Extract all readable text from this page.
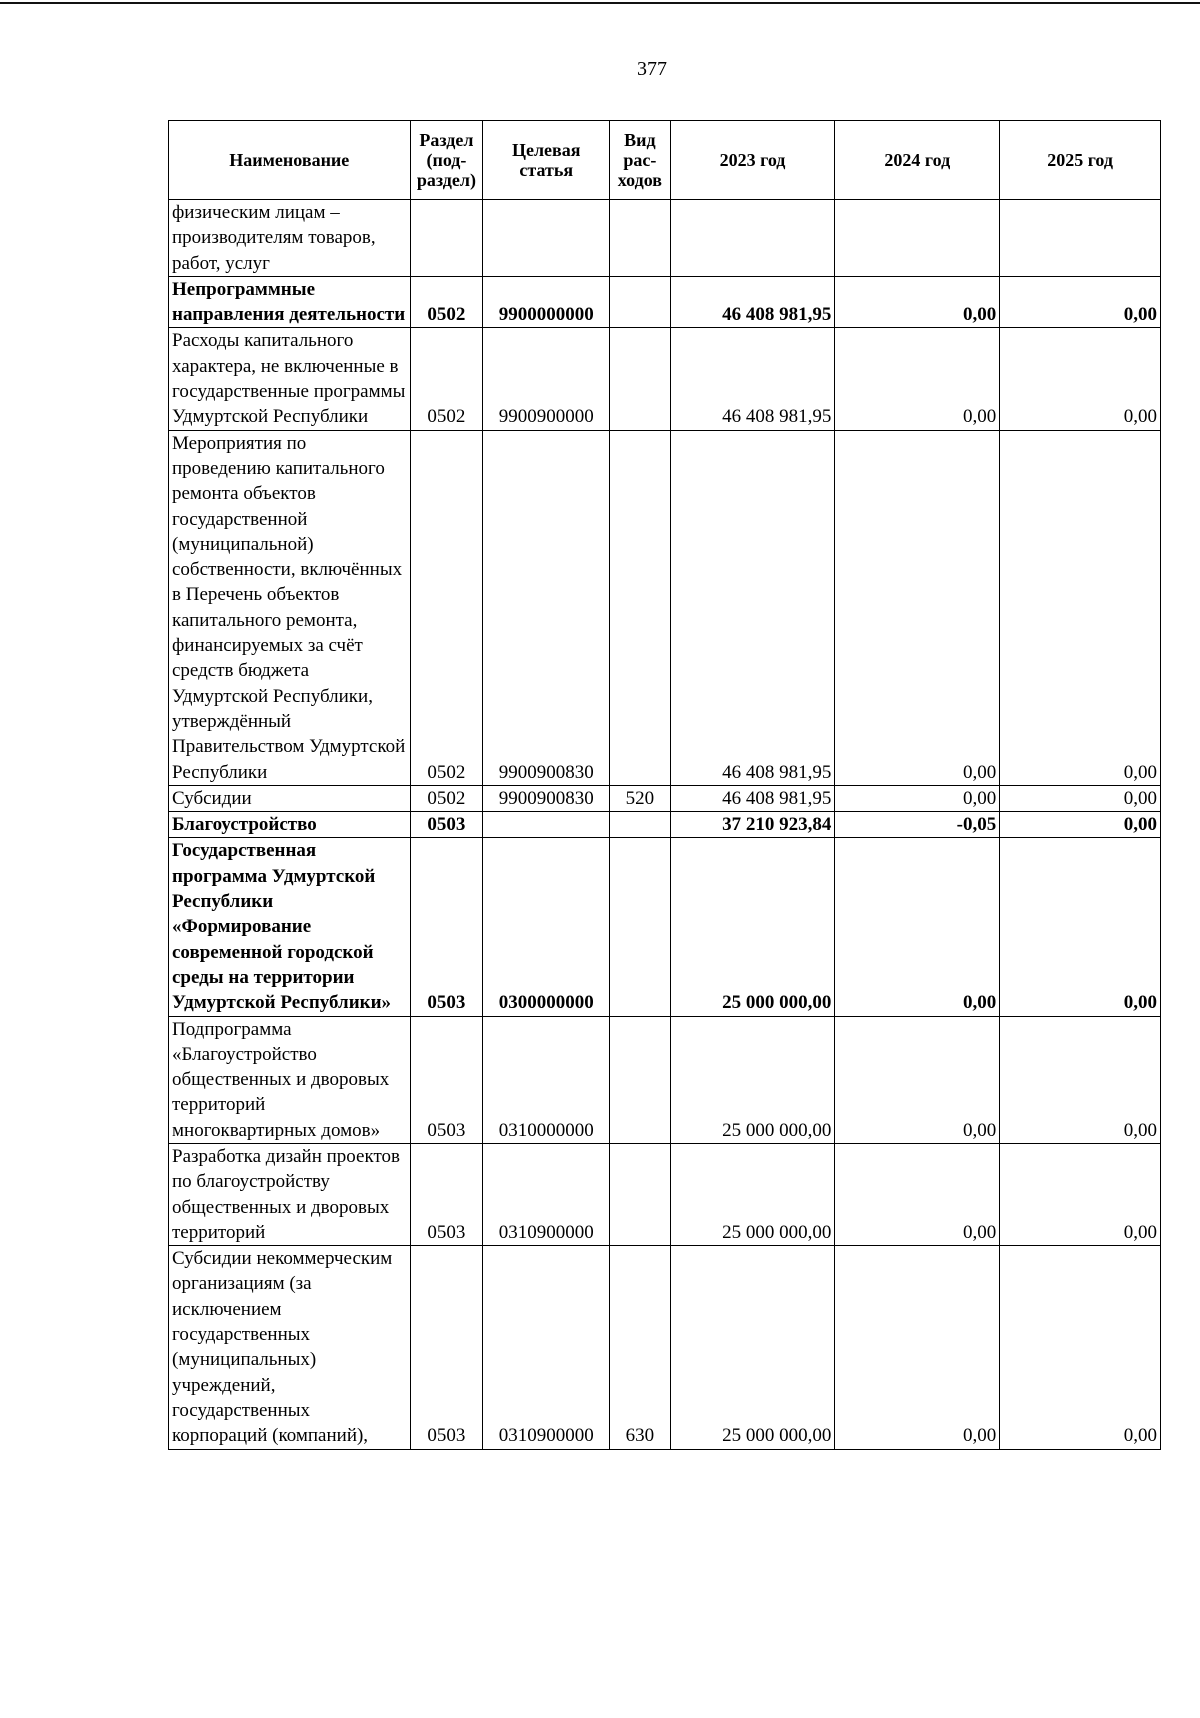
377
Наименование	Раздел (под-раздел)	Целевая статья	Вид рас-ходов	2023 год	2024 год	2025 год
физическим лицам – производителям товаров, работ, услуг						
Непрограммные направления деятельности	0502	9900000000		46 408 981,95	0,00	0,00
Расходы капитального характера, не включенные в государственные программы Удмуртской Республики	0502	9900900000		46 408 981,95	0,00	0,00
Мероприятия по проведению капитального ремонта объектов государственной (муниципальной) собственности, включённых в Перечень объектов капитального ремонта, финансируемых за счёт средств бюджета Удмуртской Республики, утверждённый Правительством Удмуртской Республики	0502	9900900830		46 408 981,95	0,00	0,00
Субсидии	0502	9900900830	520	46 408 981,95	0,00	0,00
Благоустройство	0503			37 210 923,84	-0,05	0,00
Государственная программа Удмуртской Республики «Формирование современной городской среды на территории Удмуртской Республики»	0503	0300000000		25 000 000,00	0,00	0,00
Подпрограмма «Благоустройство общественных и дворовых территорий многоквартирных домов»	0503	0310000000		25 000 000,00	0,00	0,00
Разработка дизайн проектов по благоустройству общественных и дворовых территорий	0503	0310900000		25 000 000,00	0,00	0,00
Субсидии некоммерческим организациям (за исключением государственных (муниципальных) учреждений, государственных корпораций (компаний),	0503	0310900000	630	25 000 000,00	0,00	0,00
